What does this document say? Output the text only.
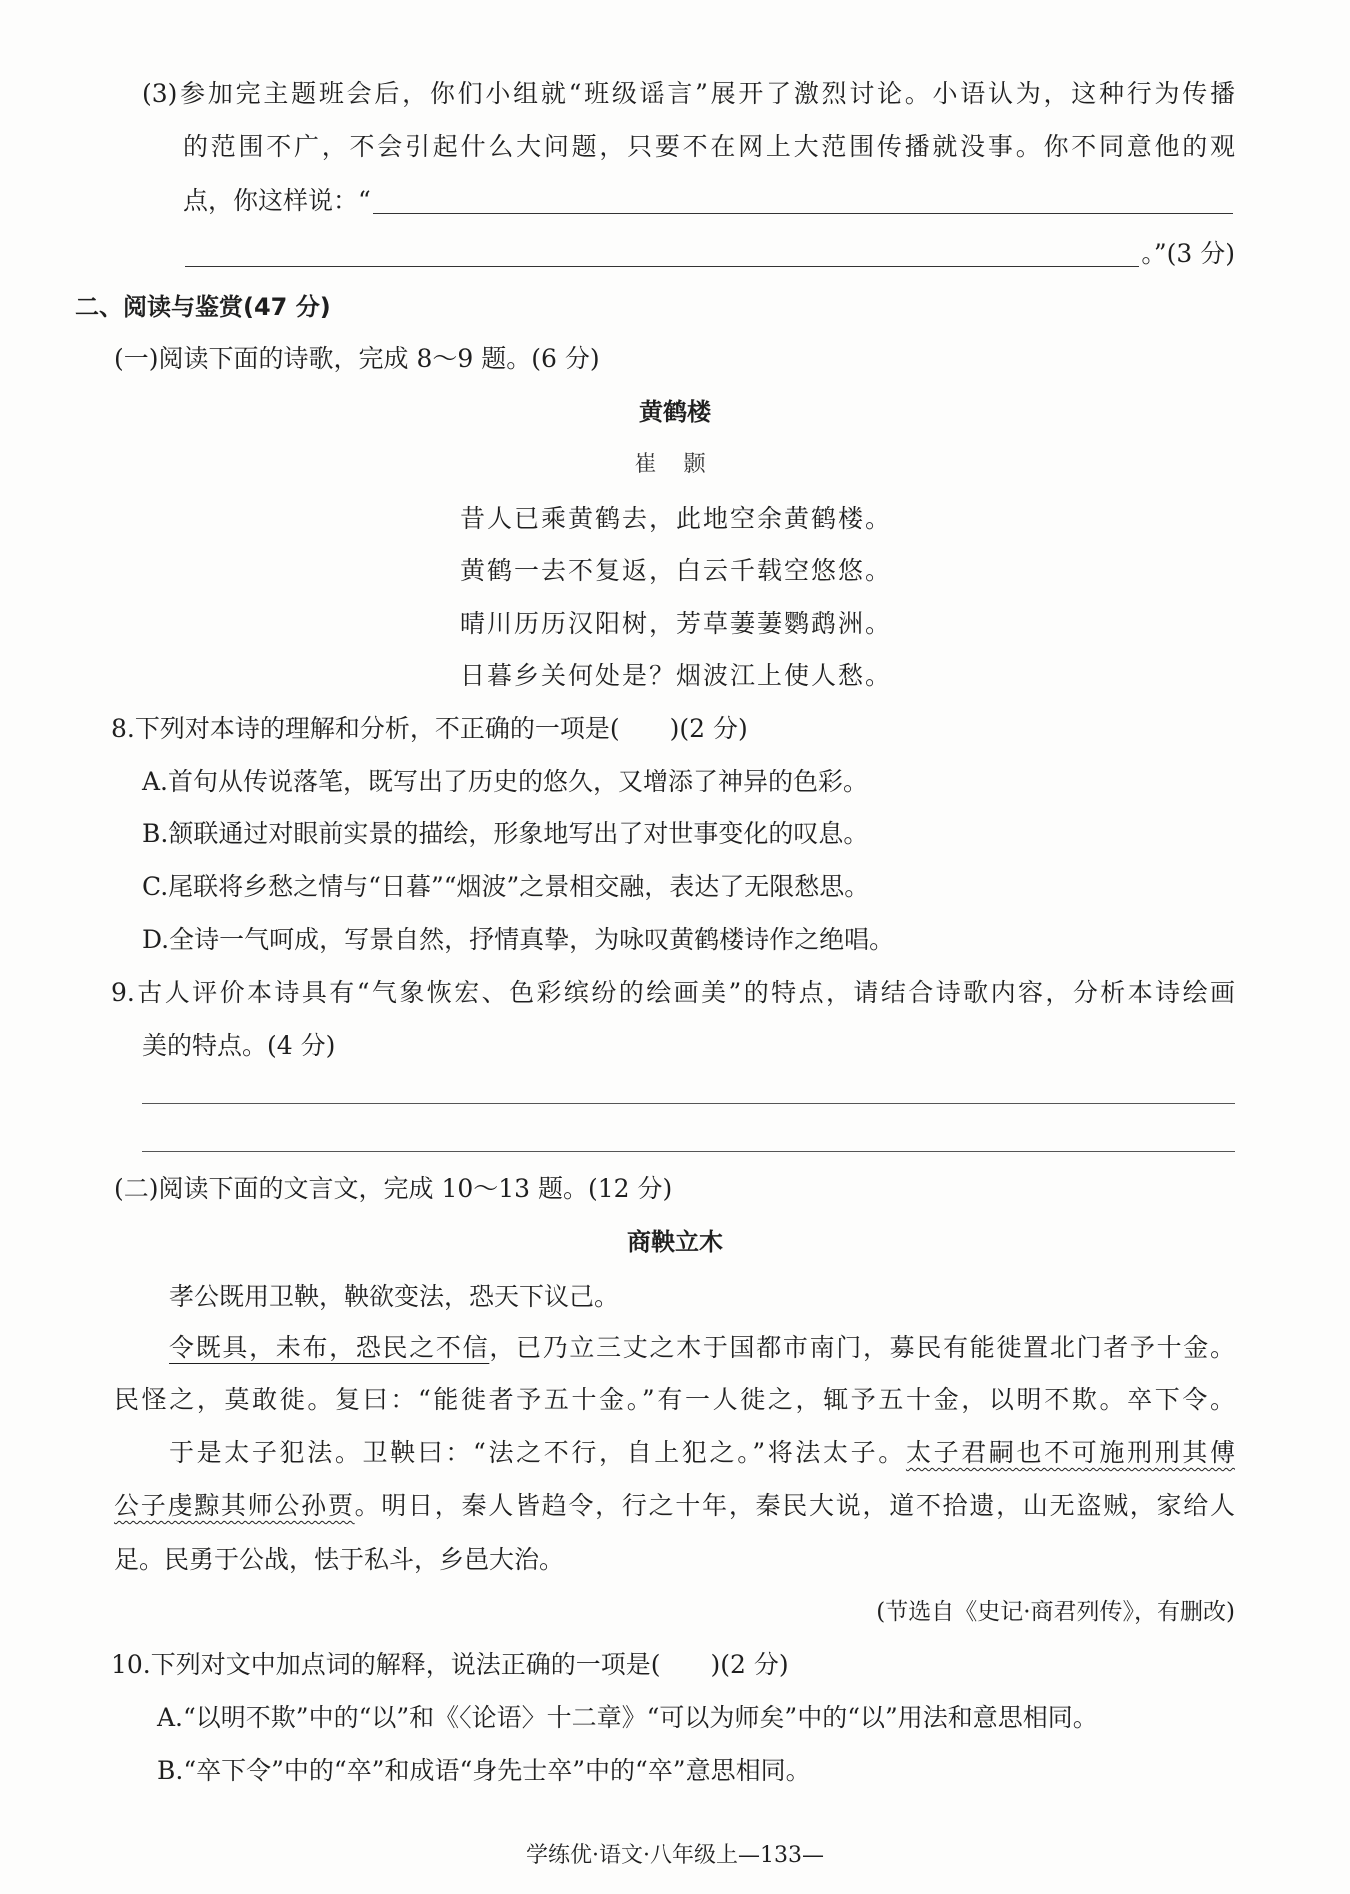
(3)参加完主题班会后，你们小组就“班级谣言”展开了激烈讨论。小语认为，这种行为传播
的范围不广，不会引起什么大问题，只要不在网上大范围传播就没事。你不同意他的观
点，你这样说：“
。”(3 分)
二、阅读与鉴赏(47 分)
(一)阅读下面的诗歌，完成 8～9 题。(6 分)
黄鹤楼
崔 颢
昔人已乘黄鹤去，此地空余黄鹤楼。
黄鹤一去不复返，白云千载空悠悠。
晴川历历汉阳树，芳草萋萋鹦鹉洲。
日暮乡关何处是？烟波江上使人愁。
8.下列对本诗的理解和分析，不正确的一项是(　　)(2 分)
A.首句从传说落笔，既写出了历史的悠久，又增添了神异的色彩。
B.颔联通过对眼前实景的描绘，形象地写出了对世事变化的叹息。
C.尾联将乡愁之情与“日暮”“烟波”之景相交融，表达了无限愁思。
D.全诗一气呵成，写景自然，抒情真挚，为咏叹黄鹤楼诗作之绝唱。
9.古人评价本诗具有“气象恢宏、色彩缤纷的绘画美”的特点，请结合诗歌内容，分析本诗绘画
美的特点。(4 分)
(二)阅读下面的文言文，完成 10～13 题。(12 分)
商鞅立木
孝公既用卫鞅，鞅欲变法，恐天下议己。
令既具，未布，恐民之不信，已乃立三丈之木于国都市南门，募民有能徙置北门者予十金。
民怪之，莫敢徙。复曰：“能徙者予五十金。”有一人徙之，辄予五十金，以明不欺。卒下令。
于是太子犯法。卫鞅曰：“法之不行，自上犯之。”将法太子。太子君嗣也不可施刑刑其傅
公子虔黥其师公孙贾。明日，秦人皆趋令，行之十年，秦民大说，道不拾遗，山无盗贼，家给人
足。民勇于公战，怯于私斗，乡邑大治。
(节选自《史记·商君列传》，有删改)
10.下列对文中加点词的解释，说法正确的一项是(　　)(2 分)
A.“以明不欺”中的“以”和《〈论语〉十二章》“可以为师矣”中的“以”用法和意思相同。
B.“卒下令”中的“卒”和成语“身先士卒”中的“卒”意思相同。
学练优·语文·八年级上—133—
